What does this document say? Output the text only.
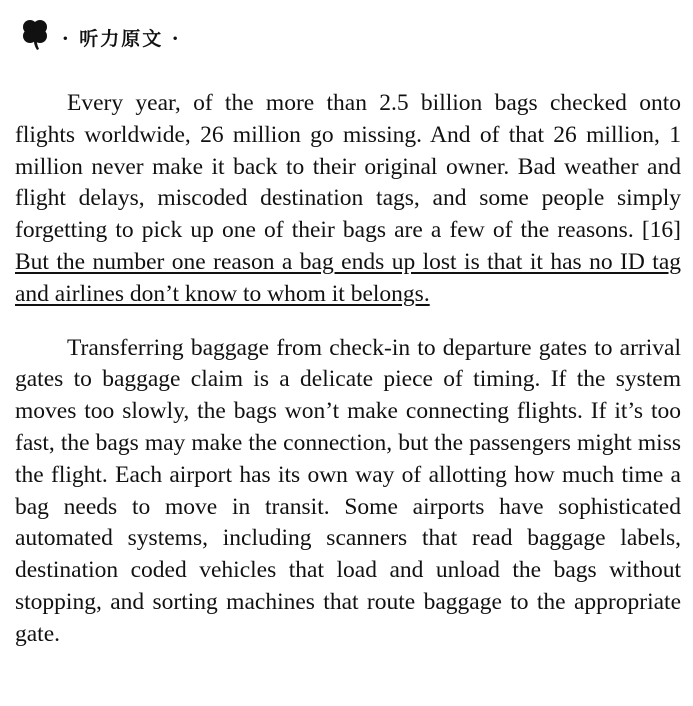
· 听力原文 ·

Every year, of the more than 2.5 billion bags checked onto flights worldwide, 26 million go missing. And of that 26 million, 1 million never make it back to their original owner. Bad weather and flight delays, miscoded destination tags, and some people simply forgetting to pick up one of their bags are a few of the reasons. [16] But the number one reason a bag ends up lost is that it has no ID tag and airlines don’t know to whom it belongs.

Transferring baggage from check-in to departure gates to arrival gates to baggage claim is a delicate piece of timing. If the system moves too slowly, the bags won’t make connecting flights. If it’s too fast, the bags may make the connection, but the passengers might miss the flight. Each airport has its own way of allotting how much time a bag needs to move in transit. Some airports have sophisticated automated systems, including scanners that read baggage labels, destination coded vehicles that load and unload the bags without stopping, and sorting machines that route baggage to the appropriate gate.
